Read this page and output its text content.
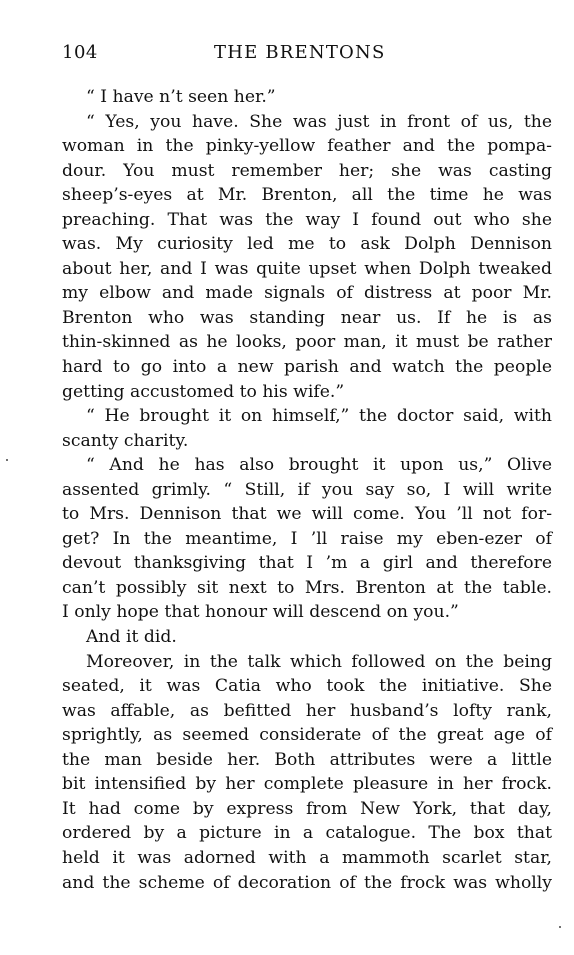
104	THE BRENTONS
“ I have n’t seen her.”
“ Yes, you have. She was just in front of us, the
woman in the pinky-yellow feather and the pompa-
dour. You must remember her; she was casting
sheep’s-eyes at Mr. Brenton, all the time he was
preaching. That was the way I found out who she
was. My curiosity led me to ask Dolph Dennison
about her, and I was quite upset when Dolph tweaked
my elbow and made signals of distress at poor Mr.
Brenton who was standing near us. If he is as
thin-skinned as he looks, poor man, it must be rather
hard to go into a new parish and watch the people
getting accustomed to his wife.”
“ He brought it on himself,” the doctor said, with
scanty charity.
“ And he has also brought it upon us,” Olive
assented grimly. “ Still, if you say so, I will write
to Mrs. Dennison that we will come. You ’ll not for-
get? In the meantime, I ’ll raise my eben-ezer of
devout thanksgiving that I ’m a girl and therefore
can’t possibly sit next to Mrs. Brenton at the table.
I only hope that honour will descend on you.”
And it did.
Moreover, in the talk which followed on the being
seated, it was Catia who took the initiative. She
was affable, as befitted her husband’s lofty rank,
sprightly, as seemed considerate of the great age of
the man beside her. Both attributes were a little
bit intensified by her complete pleasure in her frock.
It had come by express from New York, that day,
ordered by a picture in a catalogue. The box that
held it was adorned with a mammoth scarlet star,
and the scheme of decoration of the frock was wholly
